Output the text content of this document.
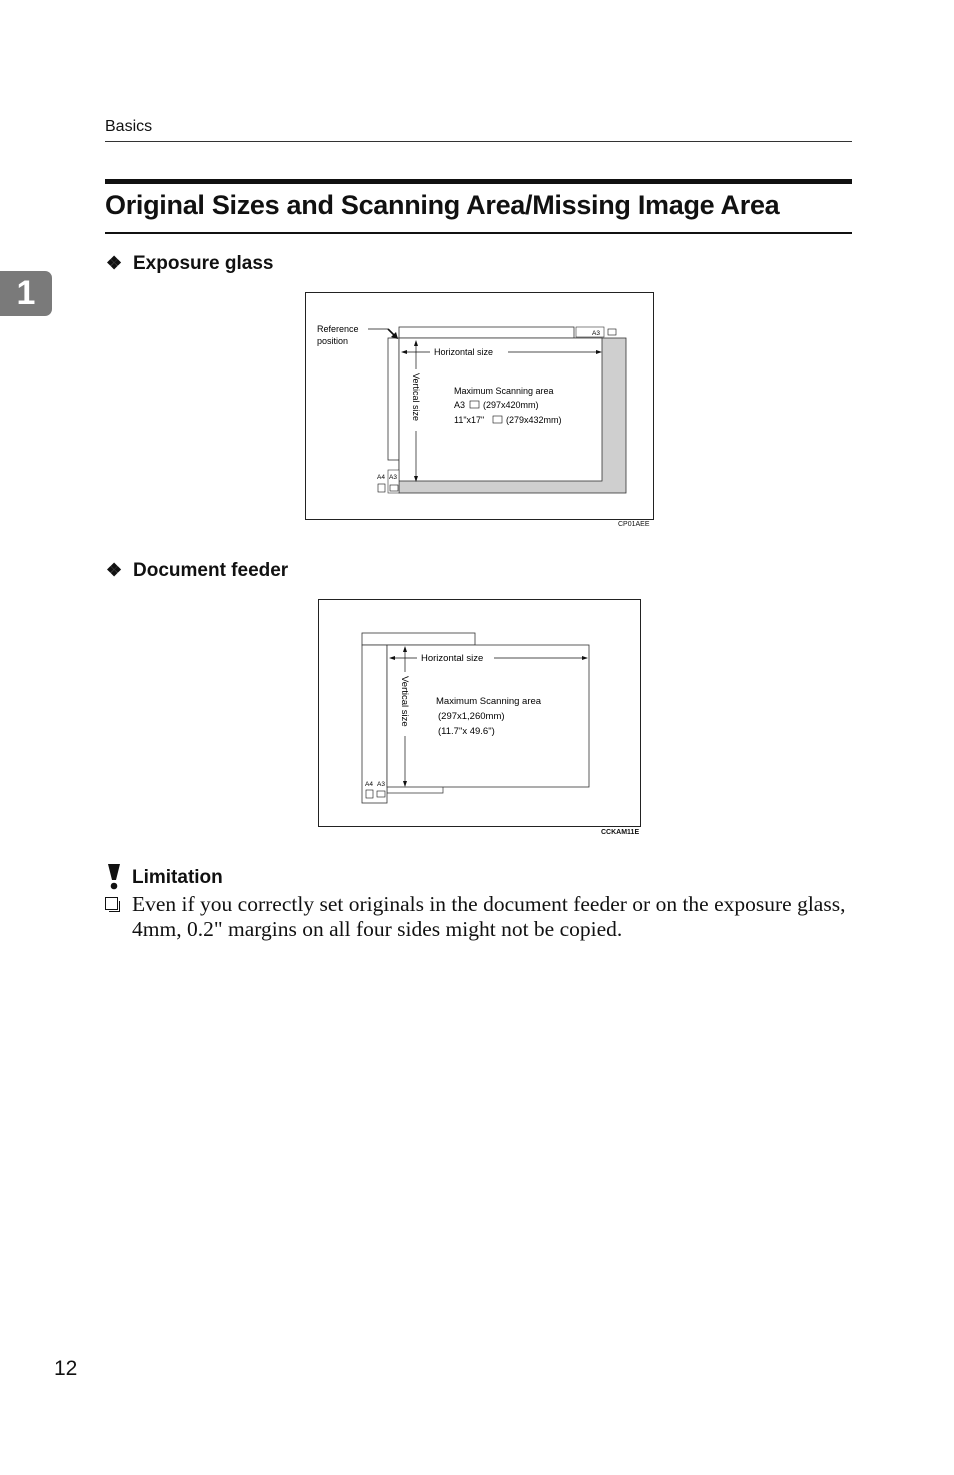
Basics
1
Original Sizes and Scanning Area/Missing Image Area
❖ Exposure glass
Reference
position
Horizontal size
Vertical size	Maximum Scanning area
A3 (297x420mm)
11"x17" (279x432mm)
A3
A4 A3
CP01AEE
❖ Document feeder
Horizontal size
Vertical size	Maximum Scanning area
(297x1,260mm)
(11.7"x 49.6")
A4 A3
CCKAM11E
Limitation
Even if you correctly set originals in the document feeder or on the exposure glass, 4mm, 0.2" margins on all four sides might not be copied.
12
